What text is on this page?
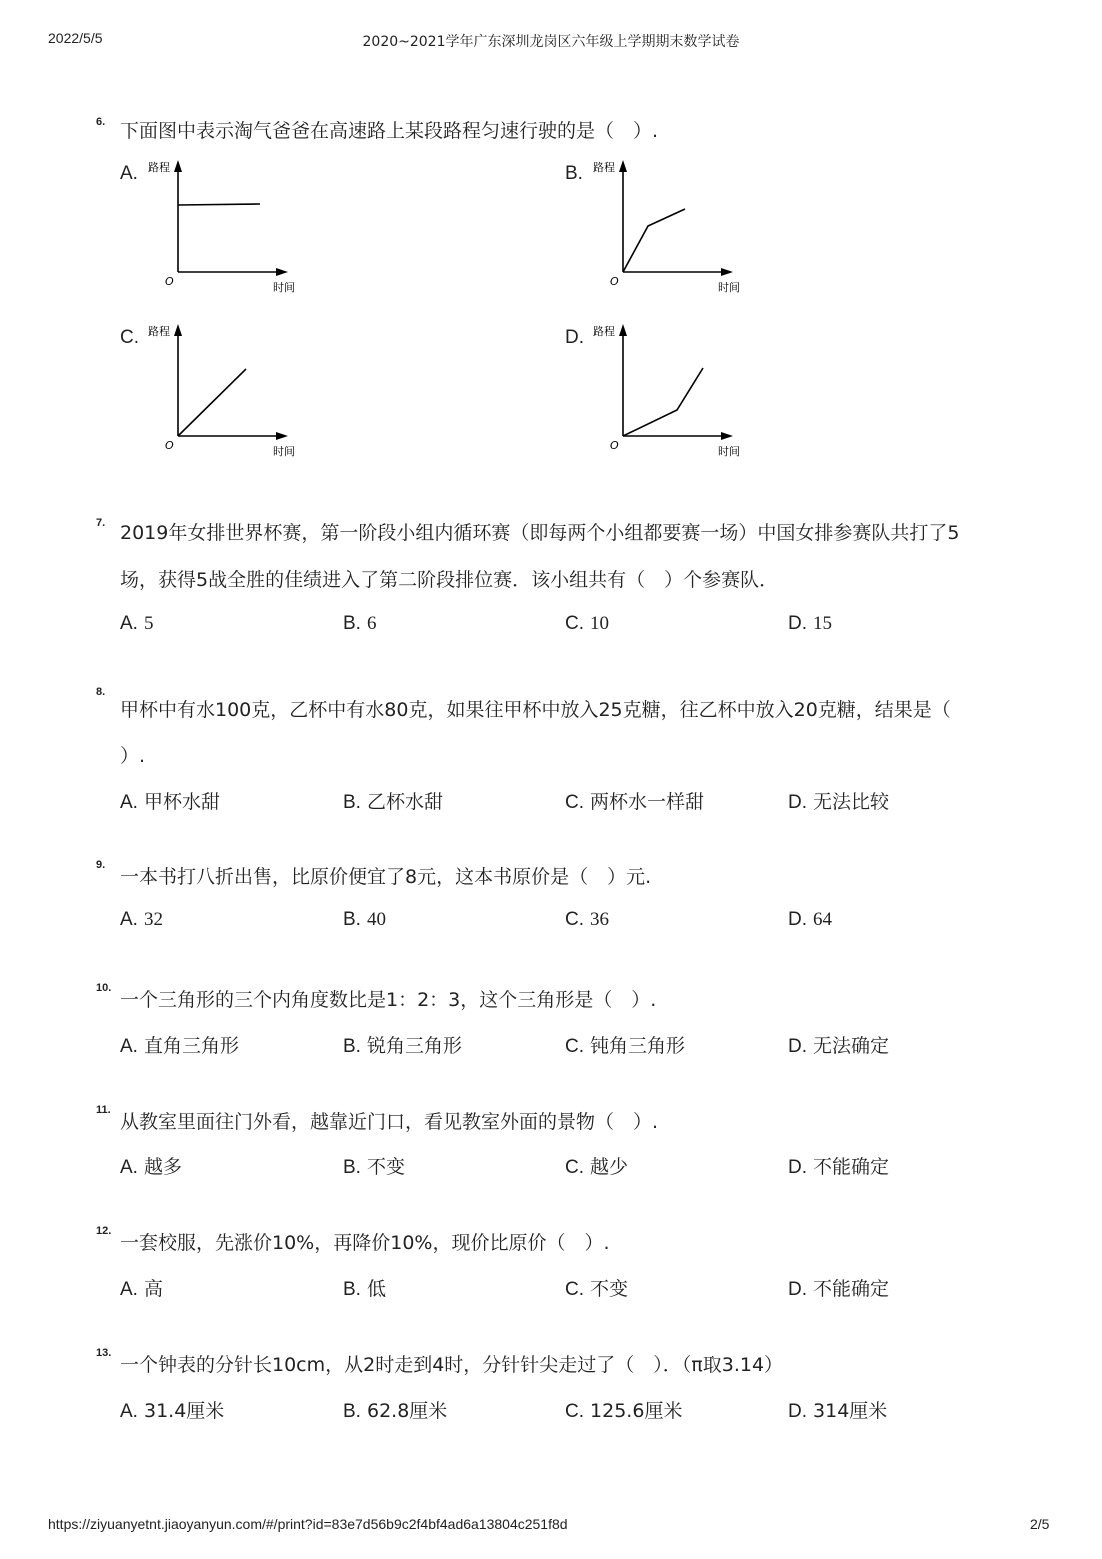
2022/5/5	2020~2021学年广东深圳龙岗区六年级上学期期末数学试卷
https://ziyuanyetnt.jiaoyanyun.com/#/print?id=83e7d56b9c2f4bf4ad6a13804c251f8d	2/5
6. 下面图中表示淘气爸爸在高速路上某段路程匀速行驶的是（　）.
A. 路程
时间
O
B. 路程
时间
O
C. 路程
时间
O
D. 路程
时间
O
7. 2019年女排世界杯赛，第一阶段小组内循环赛（即每两个小组都要赛一场）中国女排参赛队共打了5
场，获得5战全胜的佳绩进入了第二阶段排位赛．该小组共有（　）个参赛队．
A. 5	B. 6	C. 10	D. 15
8.
甲杯中有水100克，乙杯中有水80克，如果往甲杯中放入25克糖，往乙杯中放入20克糖，结果是（
）.
A. 甲杯水甜	B. 乙杯水甜	C. 两杯水一样甜	D. 无法比较
9.
一本书打八折出售，比原价便宜了8元，这本书原价是（　）元.
A. 32	B. 40	C. 36	D. 64
10.
一个三角形的三个内角度数比是1：2：3，这个三角形是（　）.
A. 直角三角形	B. 锐角三角形	C. 钝角三角形	D. 无法确定
11.
从教室里面往门外看，越靠近门口，看见教室外面的景物（　）.
A. 越多	B. 不变	C. 越少	D. 不能确定
12.
一套校服，先涨价10%，再降价10%，现价比原价（　）.
A. 高	B. 低	C. 不变	D. 不能确定
13.
一个钟表的分针长10cm，从2时走到4时，分针针尖走过了（　）．（π取3.14）
A. 31.4厘米	B. 62.8厘米	C. 125.6厘米	D. 314厘米
